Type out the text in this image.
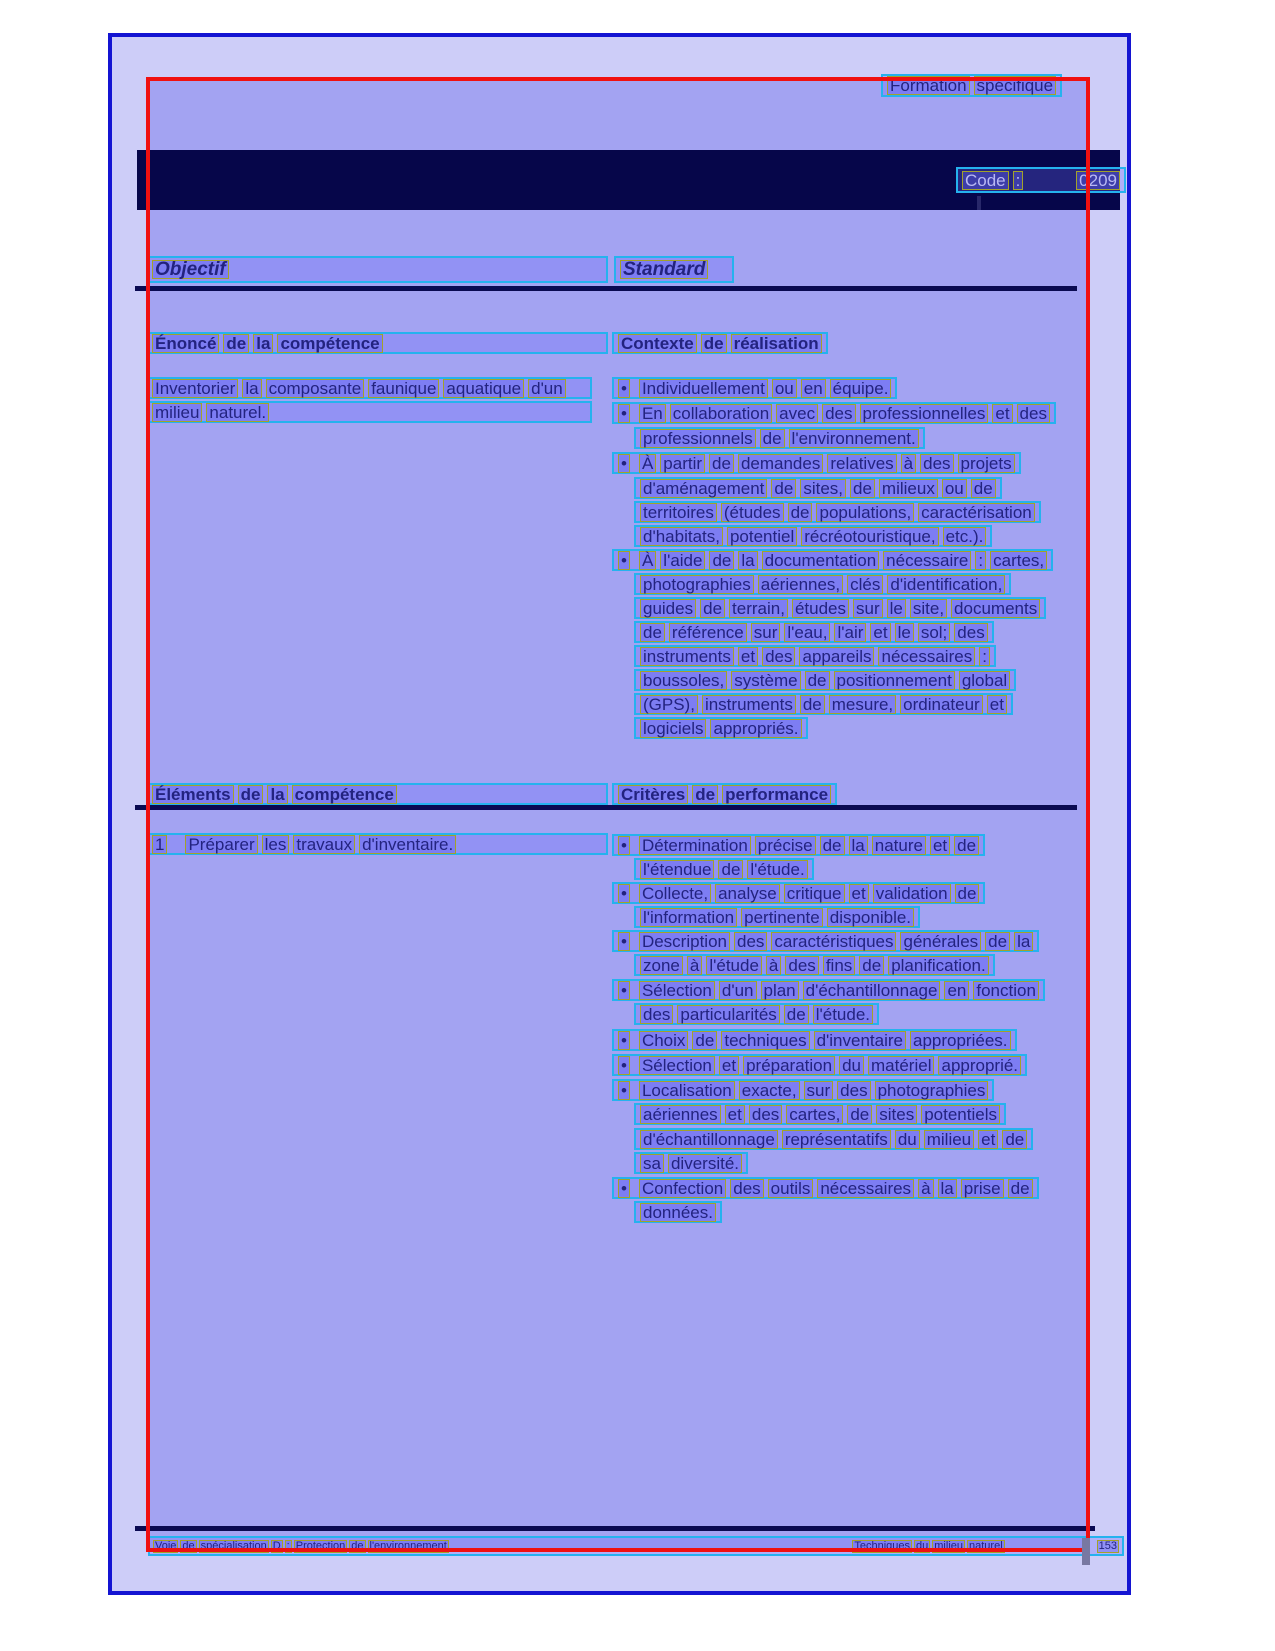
Formation spécifique
Code :	0209
Objectif	Standard
Énoncé de la compétence	Contexte de réalisation
Inventorier la composante faunique aquatique d'un
milieu naturel.
• Individuellement ou en équipe.
• En collaboration avec des professionnelles et des
professionnels de l'environnement.
• À partir de demandes relatives à des projets
d'aménagement de sites, de milieux ou de
territoires (études de populations, caractérisation
d'habitats, potentiel récréotouristique, etc.).
• À l'aide de la documentation nécessaire : cartes,
photographies aériennes, clés d'identification,
guides de terrain, études sur le site, documents
de référence sur l'eau, l'air et le sol; des
instruments et des appareils nécessaires :
boussoles, système de positionnement global
(GPS), instruments de mesure, ordinateur et
logiciels appropriés.
Éléments de la compétence	Critères de performance
1 Préparer les travaux d'inventaire.	• Détermination précise de la nature et de
l'étendue de l'étude.
• Collecte, analyse critique et validation de
l'information pertinente disponible.
• Description des caractéristiques générales de la
zone à l'étude à des fins de planification.
• Sélection d'un plan d'échantillonnage en fonction
des particularités de l'étude.
• Choix de techniques d'inventaire appropriées.
• Sélection et préparation du matériel approprié.
• Localisation exacte, sur des photographies
aériennes et des cartes, de sites potentiels
d'échantillonnage représentatifs du milieu et de
sa diversité.
• Confection des outils nécessaires à la prise de
données.
Voie de spécialisation D : Protection de l'environnement	Techniques du milieu naturel	153
